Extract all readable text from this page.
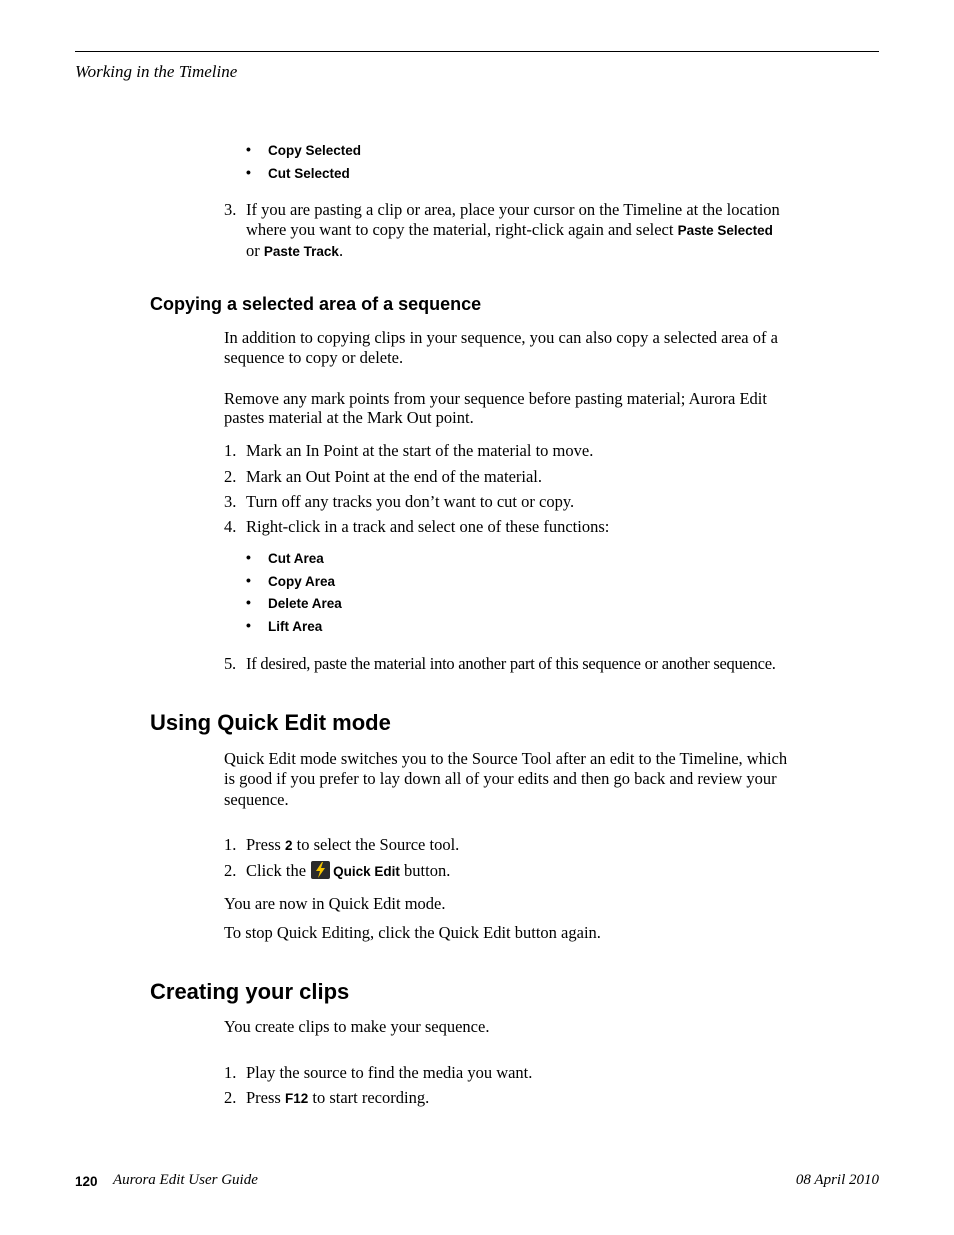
Working in the Timeline
• Copy Selected
• Cut Selected
3. If you are pasting a clip or area, place your cursor on the Timeline at the location
where you want to copy the material, right-click again and select Paste Selected
or Paste Track.
Copying a selected area of a sequence
In addition to copying clips in your sequence, you can also copy a selected area of a
sequence to copy or delete.
Remove any mark points from your sequence before pasting material; Aurora Edit
pastes material at the Mark Out point.
1. Mark an In Point at the start of the material to move.
2. Mark an Out Point at the end of the material.
3. Turn off any tracks you don’t want to cut or copy.
4. Right-click in a track and select one of these functions:
• Cut Area
• Copy Area
• Delete Area
• Lift Area
5. If desired, paste the material into another part of this sequence or another sequence.
Using Quick Edit mode
Quick Edit mode switches you to the Source Tool after an edit to the Timeline, which
is good if you prefer to lay down all of your edits and then go back and review your
sequence.
1. Press 2 to select the Source tool.
2. Click the
Quick Edit button.
You are now in Quick Edit mode.
To stop Quick Editing, click the Quick Edit button again.
Creating your clips
You create clips to make your sequence.
1. Play the source to find the media you want.
2. Press F12 to start recording.
120 Aurora Edit User Guide	08 April 2010
